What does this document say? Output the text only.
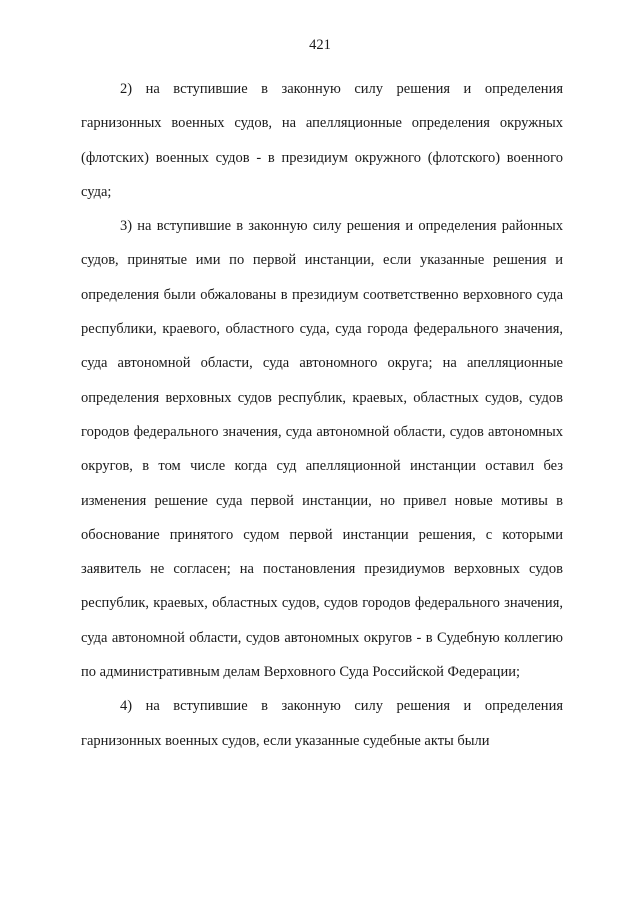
421

2) на вступившие в законную силу решения и определения гарнизонных военных судов, на апелляционные определения окружных (флотских) военных судов - в президиум окружного (флотского) военного суда;

3) на вступившие в законную силу решения и определения районных судов, принятые ими по первой инстанции, если указанные решения и определения были обжалованы в президиум соответственно верховного суда республики, краевого, областного суда, суда города федерального значения, суда автономной области, суда автономного округа; на апелляционные определения верховных судов республик, краевых, областных судов, судов городов федерального значения, суда автономной области, судов автономных округов, в том числе когда суд апелляционной инстанции оставил без изменения решение суда первой инстанции, но привел новые мотивы в обоснование принятого судом первой инстанции решения, с которыми заявитель не согласен; на постановления президиумов верховных судов республик, краевых, областных судов, судов городов федерального значения, суда автономной области, судов автономных округов - в Судебную коллегию по административным делам Верховного Суда Российской Федерации;

4) на вступившие в законную силу решения и определения гарнизонных военных судов, если указанные судебные акты были
